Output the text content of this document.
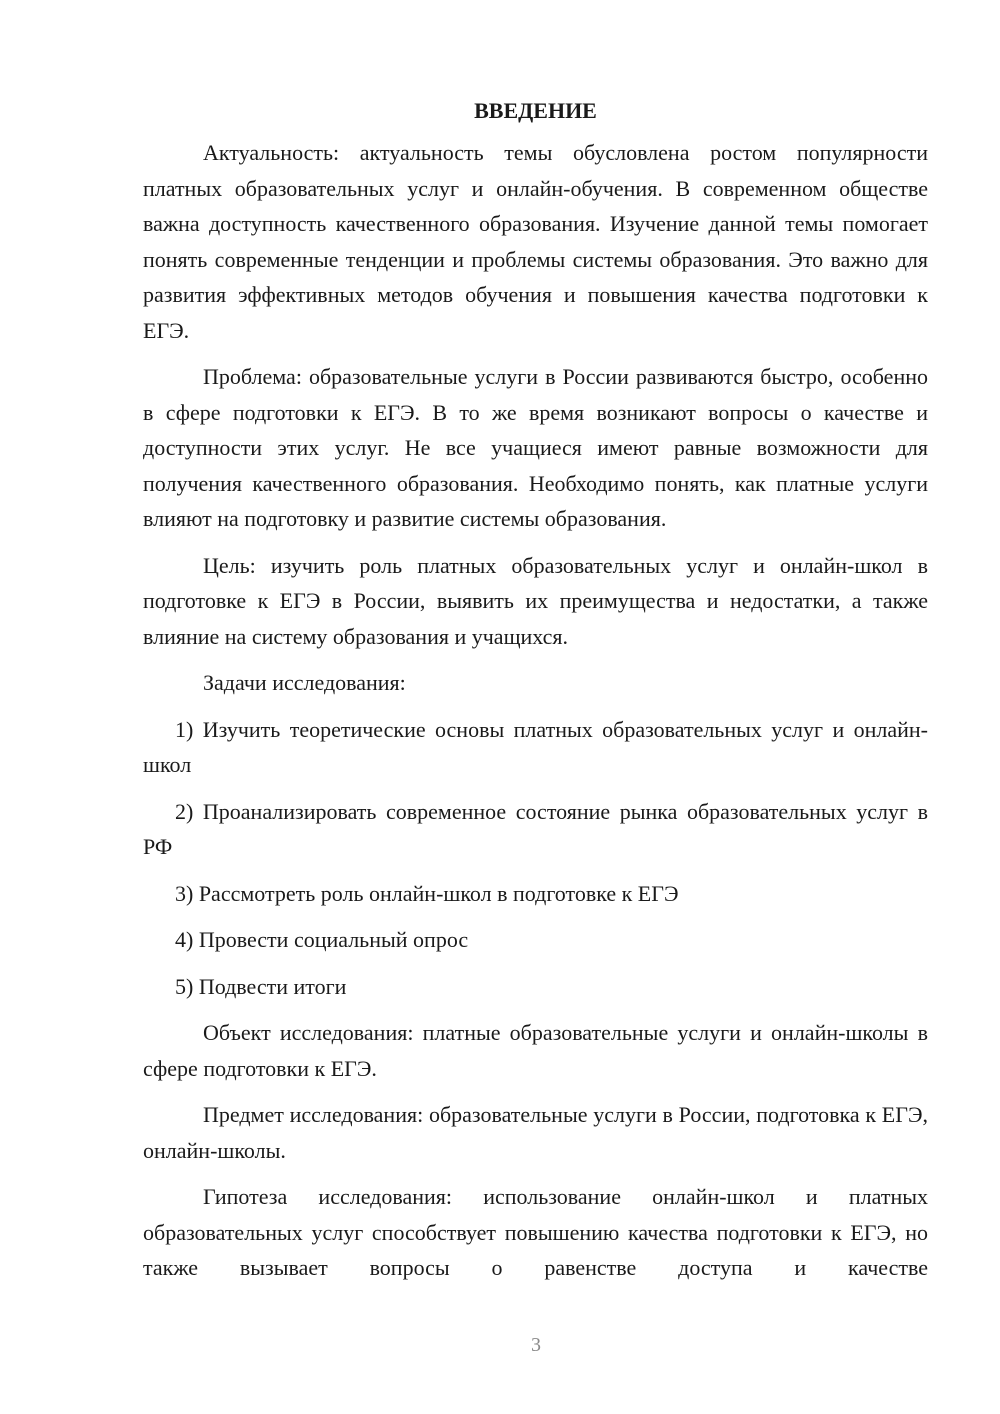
ВВЕДЕНИЕ

Актуальность: актуальность темы обусловлена ростом популярности платных образовательных услуг и онлайн-обучения. В современном обществе важна доступность качественного образования. Изучение данной темы помогает понять современные тенденции и проблемы системы образования. Это важно для развития эффективных методов обучения и повышения качества подготовки к ЕГЭ.

Проблема: образовательные услуги в России развиваются быстро, особенно в сфере подготовки к ЕГЭ. В то же время возникают вопросы о качестве и доступности этих услуг. Не все учащиеся имеют равные возможности для получения качественного образования. Необходимо понять, как платные услуги влияют на подготовку и развитие системы образования.

Цель: изучить роль платных образовательных услуг и онлайн-школ в подготовке к ЕГЭ в России, выявить их преимущества и недостатки, а также влияние на систему образования и учащихся.

Задачи исследования:

1) Изучить теоретические основы платных образовательных услуг и онлайн-школ

2) Проанализировать современное состояние рынка образовательных услуг в РФ

3) Рассмотреть роль онлайн-школ в подготовке к ЕГЭ

4) Провести социальный опрос

5) Подвести итоги

Объект исследования: платные образовательные услуги и онлайн-школы в сфере подготовки к ЕГЭ.

Предмет исследования: образовательные услуги в России, подготовка к ЕГЭ, онлайн-школы.

Гипотеза исследования: использование онлайн-школ и платных образовательных услуг способствует повышению качества подготовки к ЕГЭ, но также вызывает вопросы о равенстве доступа и качестве

3
